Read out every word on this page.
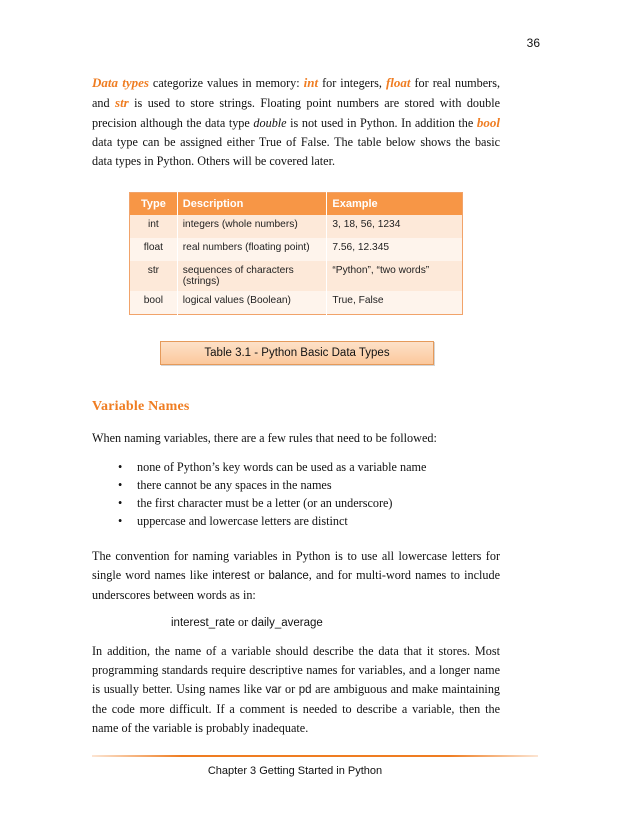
36

Data types categorize values in memory: int for integers, float for real numbers, and str is used to store strings. Floating point numbers are stored with double precision although the data type double is not used in Python. In addition the bool data type can be assigned either True of False. The table below shows the basic data types in Python. Others will be covered later.

Type	Description	Example
int	integers (whole numbers)	3, 18, 56, 1234
float	real numbers (floating point)	7.56, 12.345
str	sequences of characters (strings)	“Python”, “two words”
bool	logical values (Boolean)	True, False
Table 3.1 - Python Basic Data Types
Variable Names

When naming variables, there are a few rules that need to be followed:

• none of Python’s key words can be used as a variable name
• there cannot be any spaces in the names
• the first character must be a letter (or an underscore)
• uppercase and lowercase letters are distinct

The convention for naming variables in Python is to use all lowercase letters for single word names like interest or balance, and for multi-word names to include underscores between words as in:

interest_rate or daily_average

In addition, the name of a variable should describe the data that it stores. Most programming standards require descriptive names for variables, and a longer name is usually better. Using names like var or pd are ambiguous and make maintaining the code more difficult. If a comment is needed to describe a variable, then the name of the variable is probably inadequate.

Chapter 3 Getting Started in Python
